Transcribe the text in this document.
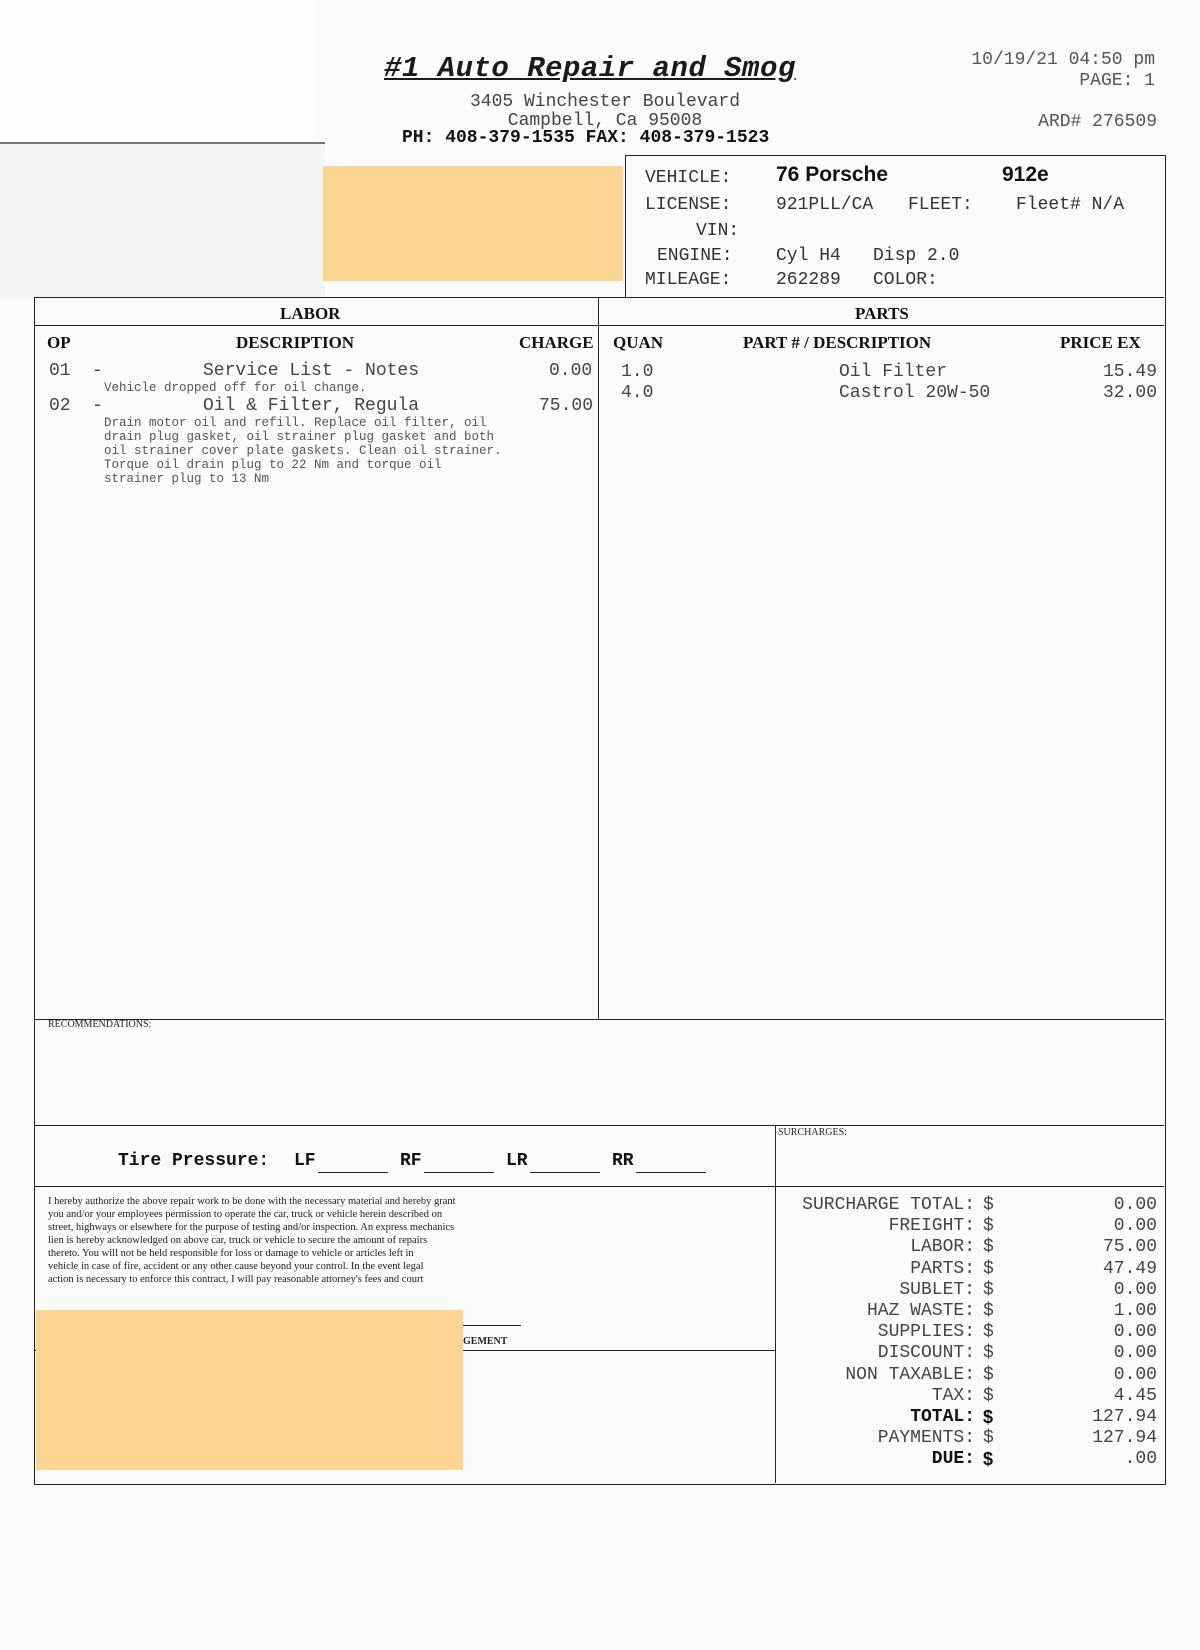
#1 Auto Repair and Smog
3405 Winchester Boulevard
Campbell, Ca 95008
PH: 408-379-1535 FAX: 408-379-1523
10/19/21 04:50 pm
PAGE: 1
ARD# 276509
VEHICLE: 76 Porsche	912e
LICENSE: 921PLL/CA FLEET: Fleet# N/A
VIN:
ENGINE: Cyl H4 Disp 2.0
MILEAGE: 262289 COLOR:
LABOR	PARTS
OP	DESCRIPTION	CHARGE QUAN	PART # / DESCRIPTION	PRICE EX
01 -	Service List - Notes	0.00
Vehicle dropped off for oil change.
02 -	Oil & Filter, Regula	75.00
Drain motor oil and refill. Replace oil filter, oil
drain plug gasket, oil strainer plug gasket and both
oil strainer cover plate gaskets. Clean oil strainer.
Torque oil drain plug to 22 Nm and torque oil
strainer plug to 13 Nm
1.0	Oil Filter	15.49
4.0	Castrol 20W-50	32.00
RECOMMENDATIONS:
SURCHARGES:
Tire Pressure: LF	RF	LR	RR
I hereby authorize the above repair work to be done with the necessary material and hereby grant
you and/or your employees permission to operate the car, truck or vehicle herein described on
street, highways or elsewhere for the purpose of testing and/or inspection. An express mechanics
lien is hereby acknowledged on above car, truck or vehicle to secure the amount of repairs
thereto. You will not be held responsible for loss or damage to vehicle or articles left in
vehicle in case of fire, accident or any other cause beyond your control. In the event legal
action is necessary to enforce this contract, I will pay reasonable attorney's fees and court
GEMENT
SURCHARGE TOTAL: $	0.00
FREIGHT: $	0.00
LABOR: $	75.00
PARTS: $	47.49
SUBLET: $	0.00
HAZ WASTE: $	1.00
SUPPLIES: $	0.00
DISCOUNT: $	0.00
NON TAXABLE: $	0.00
TAX: $	4.45
TOTAL: $	127.94
PAYMENTS: $	127.94
DUE: $	.00
